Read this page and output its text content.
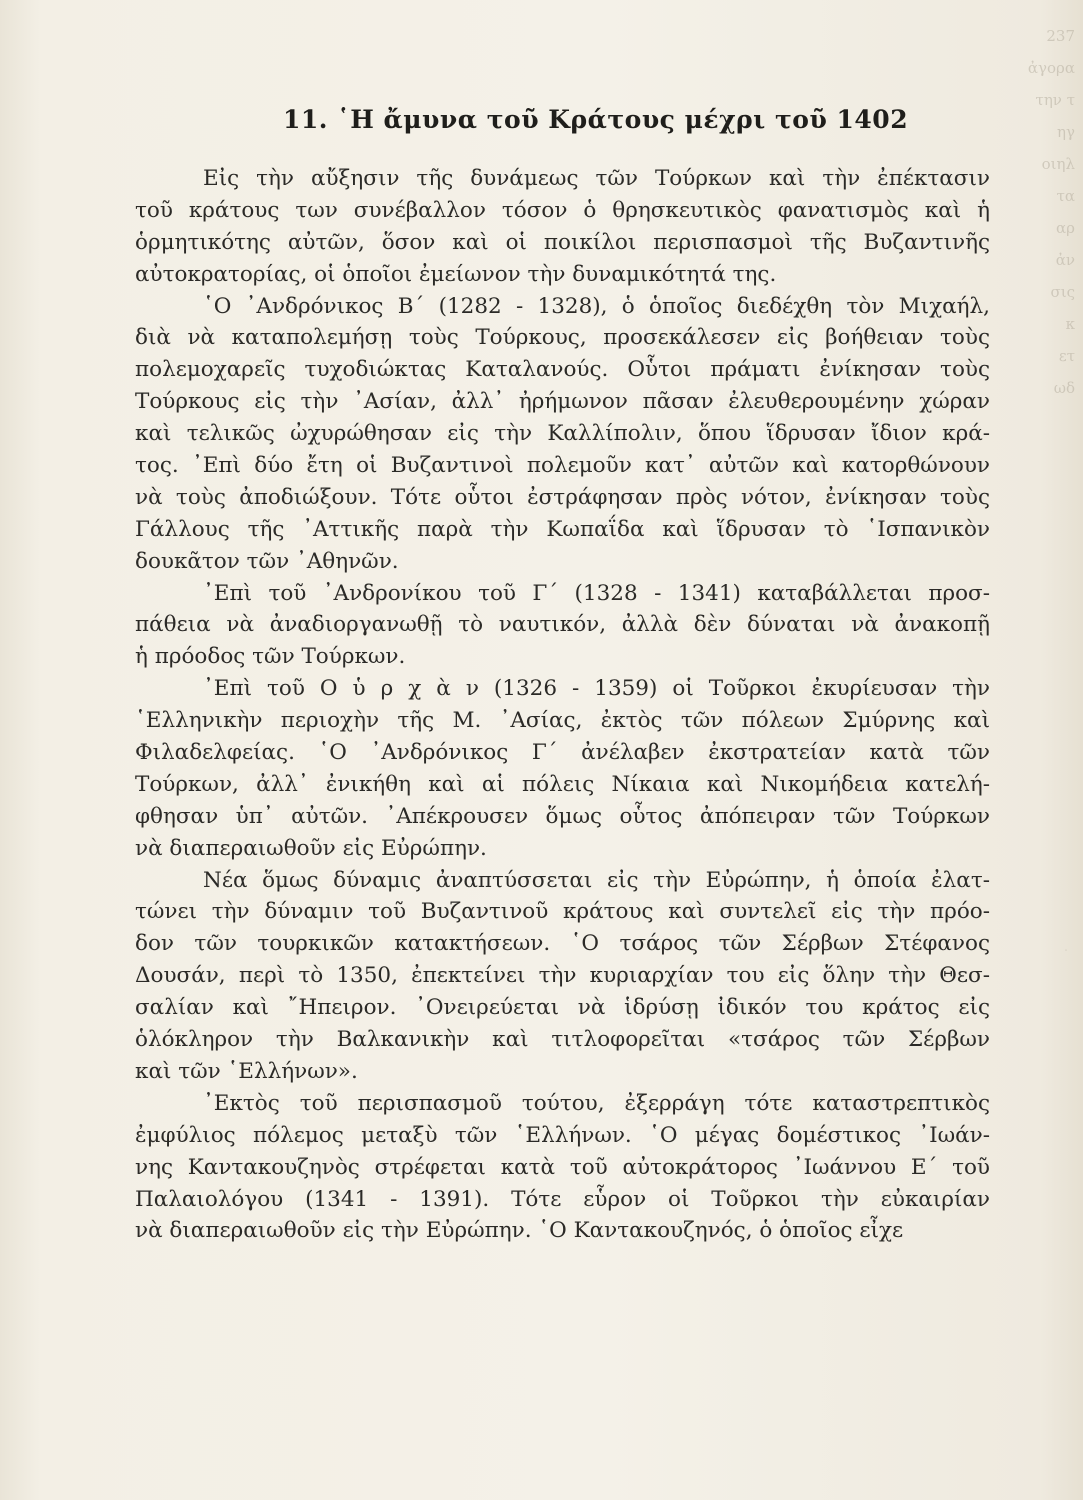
237
ἀγορα
την τ
ηγ
οιηλ
τα
αρ
ἀν
σις
κ
ετ
ωδ
11. ῾Η ἄμυνα τοῦ Κράτους μέχρι τοῦ 1402
Εἰς τὴν αὔξησιν τῆς δυνάμεως τῶν Τούρκων καὶ τὴν ἐπέκτασιν
τοῦ κράτους των συνέβαλλον τόσον ὁ θρησκευτικὸς φανατισμὸς καὶ ἡ
ὁρμητικότης αὐτῶν, ὅσον καὶ οἱ ποικίλοι περισπασμοὶ τῆς Βυζαντινῆς
αὐτοκρατορίας, οἱ ὁποῖοι ἐμείωνον τὴν δυναμικότητά της.
῾Ο ᾿Ανδρόνικος Β΄ (1282 - 1328), ὁ ὁποῖος διεδέχθη τὸν Μιχαήλ,
διὰ νὰ καταπολεμήσῃ τοὺς Τούρκους, προσεκάλεσεν εἰς βοήθειαν τοὺς
πολεμοχαρεῖς τυχοδιώκτας Καταλανούς. Οὗτοι πράματι ἐνίκησαν τοὺς
Τούρκους εἰς τὴν ᾿Ασίαν, ἀλλ᾿ ἠρήμωνον πᾶσαν ἐλευθερουμένην χώραν
καὶ τελικῶς ὠχυρώθησαν εἰς τὴν Καλλίπολιν, ὅπου ἵδρυσαν ἴδιον κρά-
τος. ᾿Επὶ δύο ἔτη οἱ Βυζαντινοὶ πολεμοῦν κατ᾿ αὐτῶν καὶ κατορθώνουν
νὰ τοὺς ἀποδιώξουν. Τότε οὗτοι ἐστράφησαν πρὸς νότον, ἐνίκησαν τοὺς
Γάλλους τῆς ᾿Αττικῆς παρὰ τὴν Κωπαΐδα καὶ ἵδρυσαν τὸ ῾Ισπανικὸν
δουκᾶτον τῶν ᾿Αθηνῶν.
᾿Επὶ τοῦ ᾿Ανδρονίκου τοῦ Γ΄ (1328 - 1341) καταβάλλεται προσ-
πάθεια νὰ ἀναδιοργανωθῇ τὸ ναυτικόν, ἀλλὰ δὲν δύναται νὰ ἀνακοπῇ
ἡ πρόοδος τῶν Τούρκων.
᾿Επὶ τοῦ Ο ὑ ρ χ ὰ ν (1326 - 1359) οἱ Τοῦρκοι ἐκυρίευσαν τὴν
῾Ελληνικὴν περιοχὴν τῆς Μ. ᾿Ασίας, ἐκτὸς τῶν πόλεων Σμύρνης καὶ
Φιλαδελφείας. ῾Ο ᾿Ανδρόνικος Γ΄ ἀνέλαβεν ἐκστρατείαν κατὰ τῶν
Τούρκων, ἀλλ᾿ ἐνικήθη καὶ αἱ πόλεις Νίκαια καὶ Νικομήδεια κατελή-
φθησαν ὑπ᾿ αὐτῶν. ᾿Απέκρουσεν ὅμως οὗτος ἀπόπειραν τῶν Τούρκων
νὰ διαπεραιωθοῦν εἰς Εὐρώπην.
Νέα ὅμως δύναμις ἀναπτύσσεται εἰς τὴν Εὐρώπην, ἡ ὁποία ἐλατ-
τώνει τὴν δύναμιν τοῦ Βυζαντινοῦ κράτους καὶ συντελεῖ εἰς τὴν πρόο-
δον τῶν τουρκικῶν κατακτήσεων. ῾Ο τσάρος τῶν Σέρβων Στέφανος
Δουσάν, περὶ τὸ 1350, ἐπεκτείνει τὴν κυριαρχίαν του εἰς ὅλην τὴν Θεσ-
σαλίαν καὶ ῎Ηπειρον. ᾿Ονειρεύεται νὰ ἱδρύσῃ ἰδικόν του κράτος εἰς
ὁλόκληρον τὴν Βαλκανικὴν καὶ τιτλοφορεῖται «τσάρος τῶν Σέρβων
καὶ τῶν ῾Ελλήνων».
᾿Εκτὸς τοῦ περισπασμοῦ τούτου, ἐξερράγη τότε καταστρεπτικὸς
ἐμφύλιος πόλεμος μεταξὺ τῶν ῾Ελλήνων. ῾Ο μέγας δομέστικος ᾿Ιωάν-
νης Καντακουζηνὸς στρέφεται κατὰ τοῦ αὐτοκράτορος ᾿Ιωάννου Ε΄ τοῦ
Παλαιολόγου (1341 - 1391). Τότε εὗρον οἱ Τοῦρκοι τὴν εὐκαιρίαν
νὰ διαπεραιωθοῦν εἰς τὴν Εὐρώπην. ῾Ο Καντακουζηνός, ὁ ὁποῖος εἶχε
